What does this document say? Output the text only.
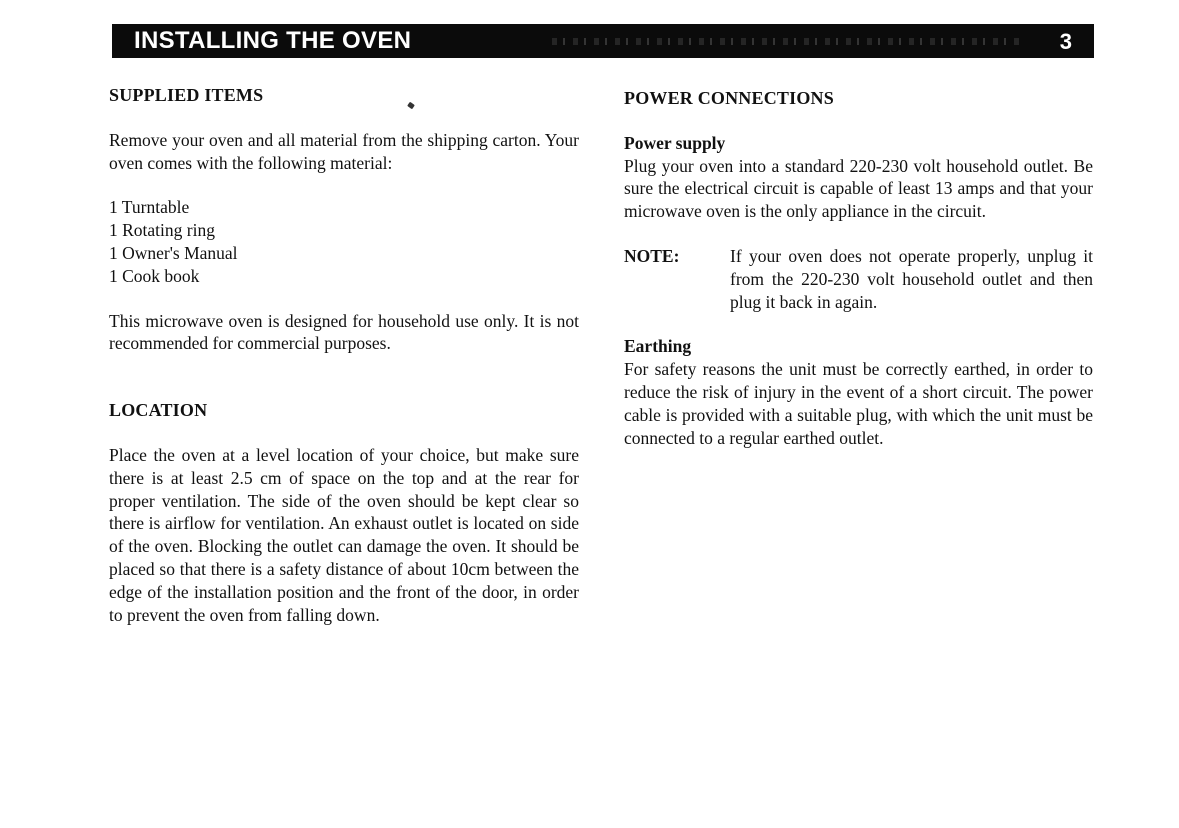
INSTALLING THE OVEN	3
SUPPLIED ITEMS

Remove your oven and all material from the shipping carton. Your oven comes with the following material:

1 Turntable
1 Rotating ring
1 Owner's Manual
1 Cook book

This microwave oven is designed for household use only. It is not recommended for commercial purposes.

LOCATION

Place the oven at a level location of your choice, but make sure there is at least 2.5 cm of space on the top and at the rear for proper ventilation. The side of the oven should be kept clear so there is airflow for ventilation. An exhaust outlet is located on side of the oven. Blocking the outlet can damage the oven. It should be placed so that there is a safety distance of about 10cm between the edge of the installation position and the front of the door, in order to prevent the oven from falling down.

POWER CONNECTIONS

Power supply

Plug your oven into a standard 220-230 volt household outlet. Be sure the electrical circuit is capable of least 13 amps and that your microwave oven is the only appliance in the circuit.

NOTE:	If your oven does not operate properly, unplug it from the 220-230 volt household outlet and then plug it back in again.

Earthing

For safety reasons the unit must be correctly earthed, in order to reduce the risk of injury in the event of a short circuit. The power cable is provided with a suitable plug, with which the unit must be connected to a regular earthed outlet.
